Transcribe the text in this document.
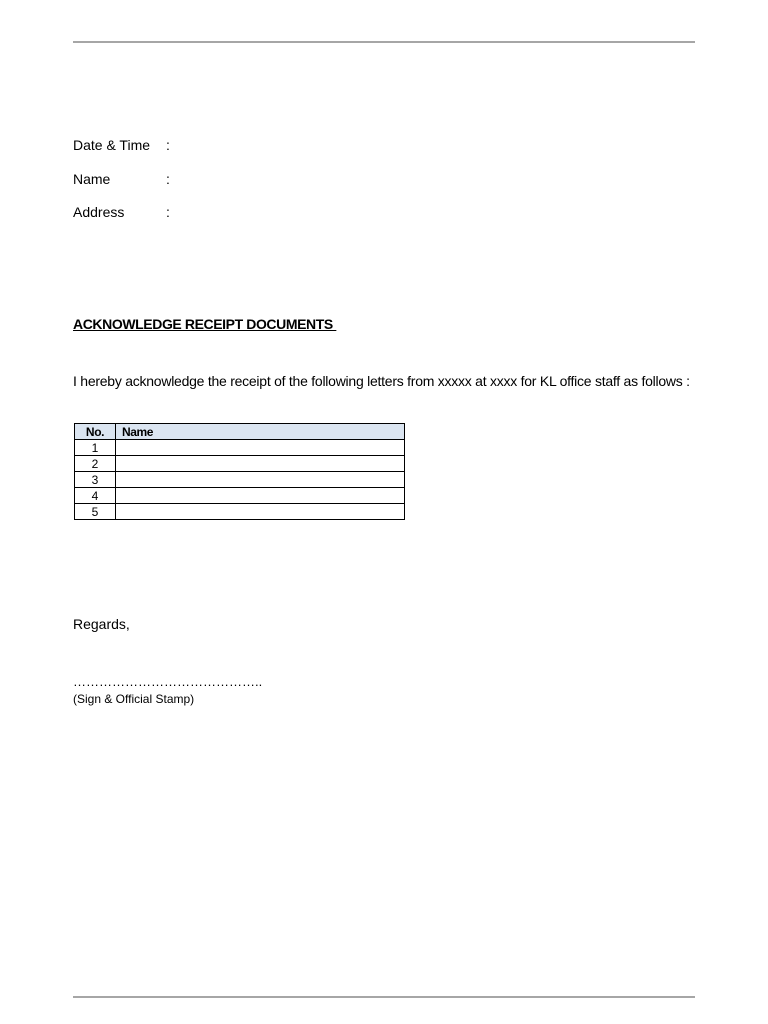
Date & Time :
Name	:
Address	:
ACKNOWLEDGE RECEIPT DOCUMENTS
I hereby acknowledge the receipt of the following letters from xxxxx at xxxx for KL office staff as follows :
No.	Name
1	
2	
3	
4	
5	
Regards,
……………………………………..
(Sign & Official Stamp)
